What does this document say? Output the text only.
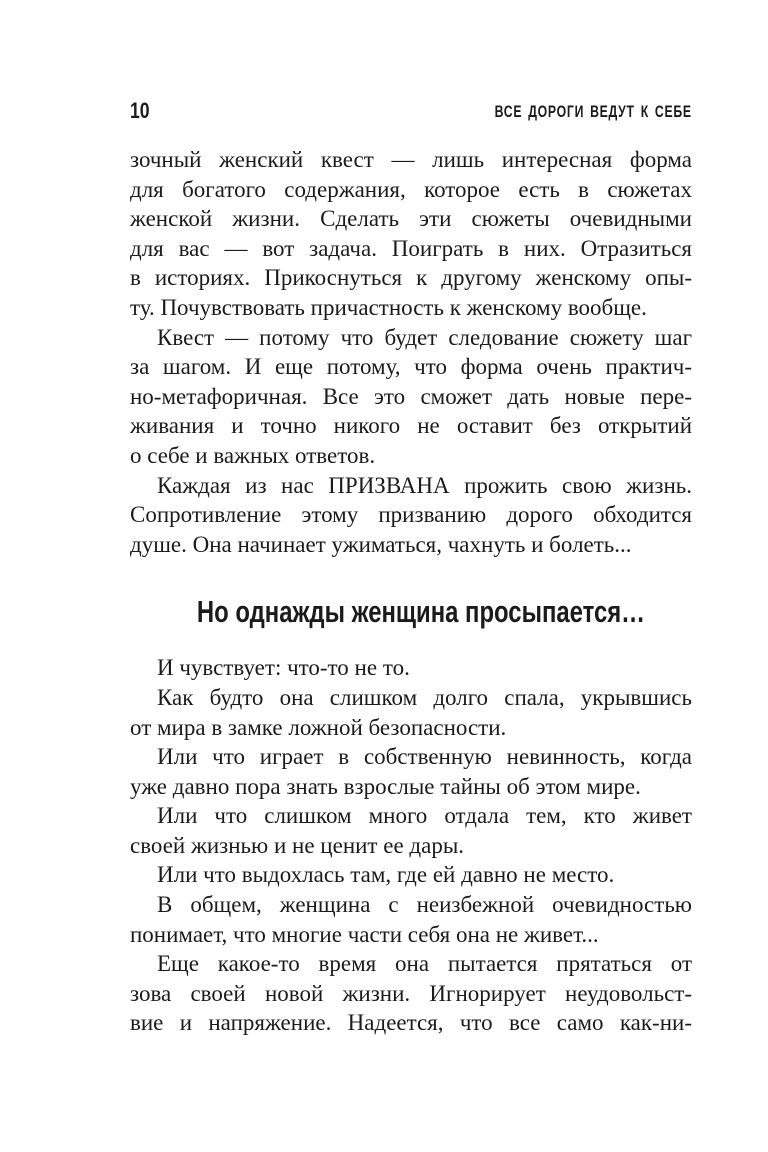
10	ВСЕ ДОРОГИ ВЕДУТ К СЕБЕ
зочный женский квест — лишь интересная форма
для богатого содержания, которое есть в сюжетах
женской жизни. Сделать эти сюжеты очевидными
для вас — вот задача. Поиграть в них. Отразиться
в историях. Прикоснуться к другому женскому опы-
ту. Почувствовать причастность к женскому вообще.
Квест — потому что будет следование сюжету шаг
за шагом. И еще потому, что форма очень практич-
но-метафоричная. Все это сможет дать новые пере-
живания и точно никого не оставит без открытий
о себе и важных ответов.
Каждая из нас ПРИЗВАНА прожить свою жизнь.
Сопротивление этому призванию дорого обходится
душе. Она начинает ужиматься, чахнуть и болеть...
Но однажды женщина просыпается…
И чувствует: что-то не то.
Как будто она слишком долго спала, укрывшись
от мира в замке ложной безопасности.
Или что играет в собственную невинность, когда
уже давно пора знать взрослые тайны об этом мире.
Или что слишком много отдала тем, кто живет
своей жизнью и не ценит ее дары.
Или что выдохлась там, где ей давно не место.
В общем, женщина с неизбежной очевидностью
понимает, что многие части себя она не живет...
Еще какое-то время она пытается прятаться от
зова своей новой жизни. Игнорирует неудовольст-
вие и напряжение. Надеется, что все само как-ни-
